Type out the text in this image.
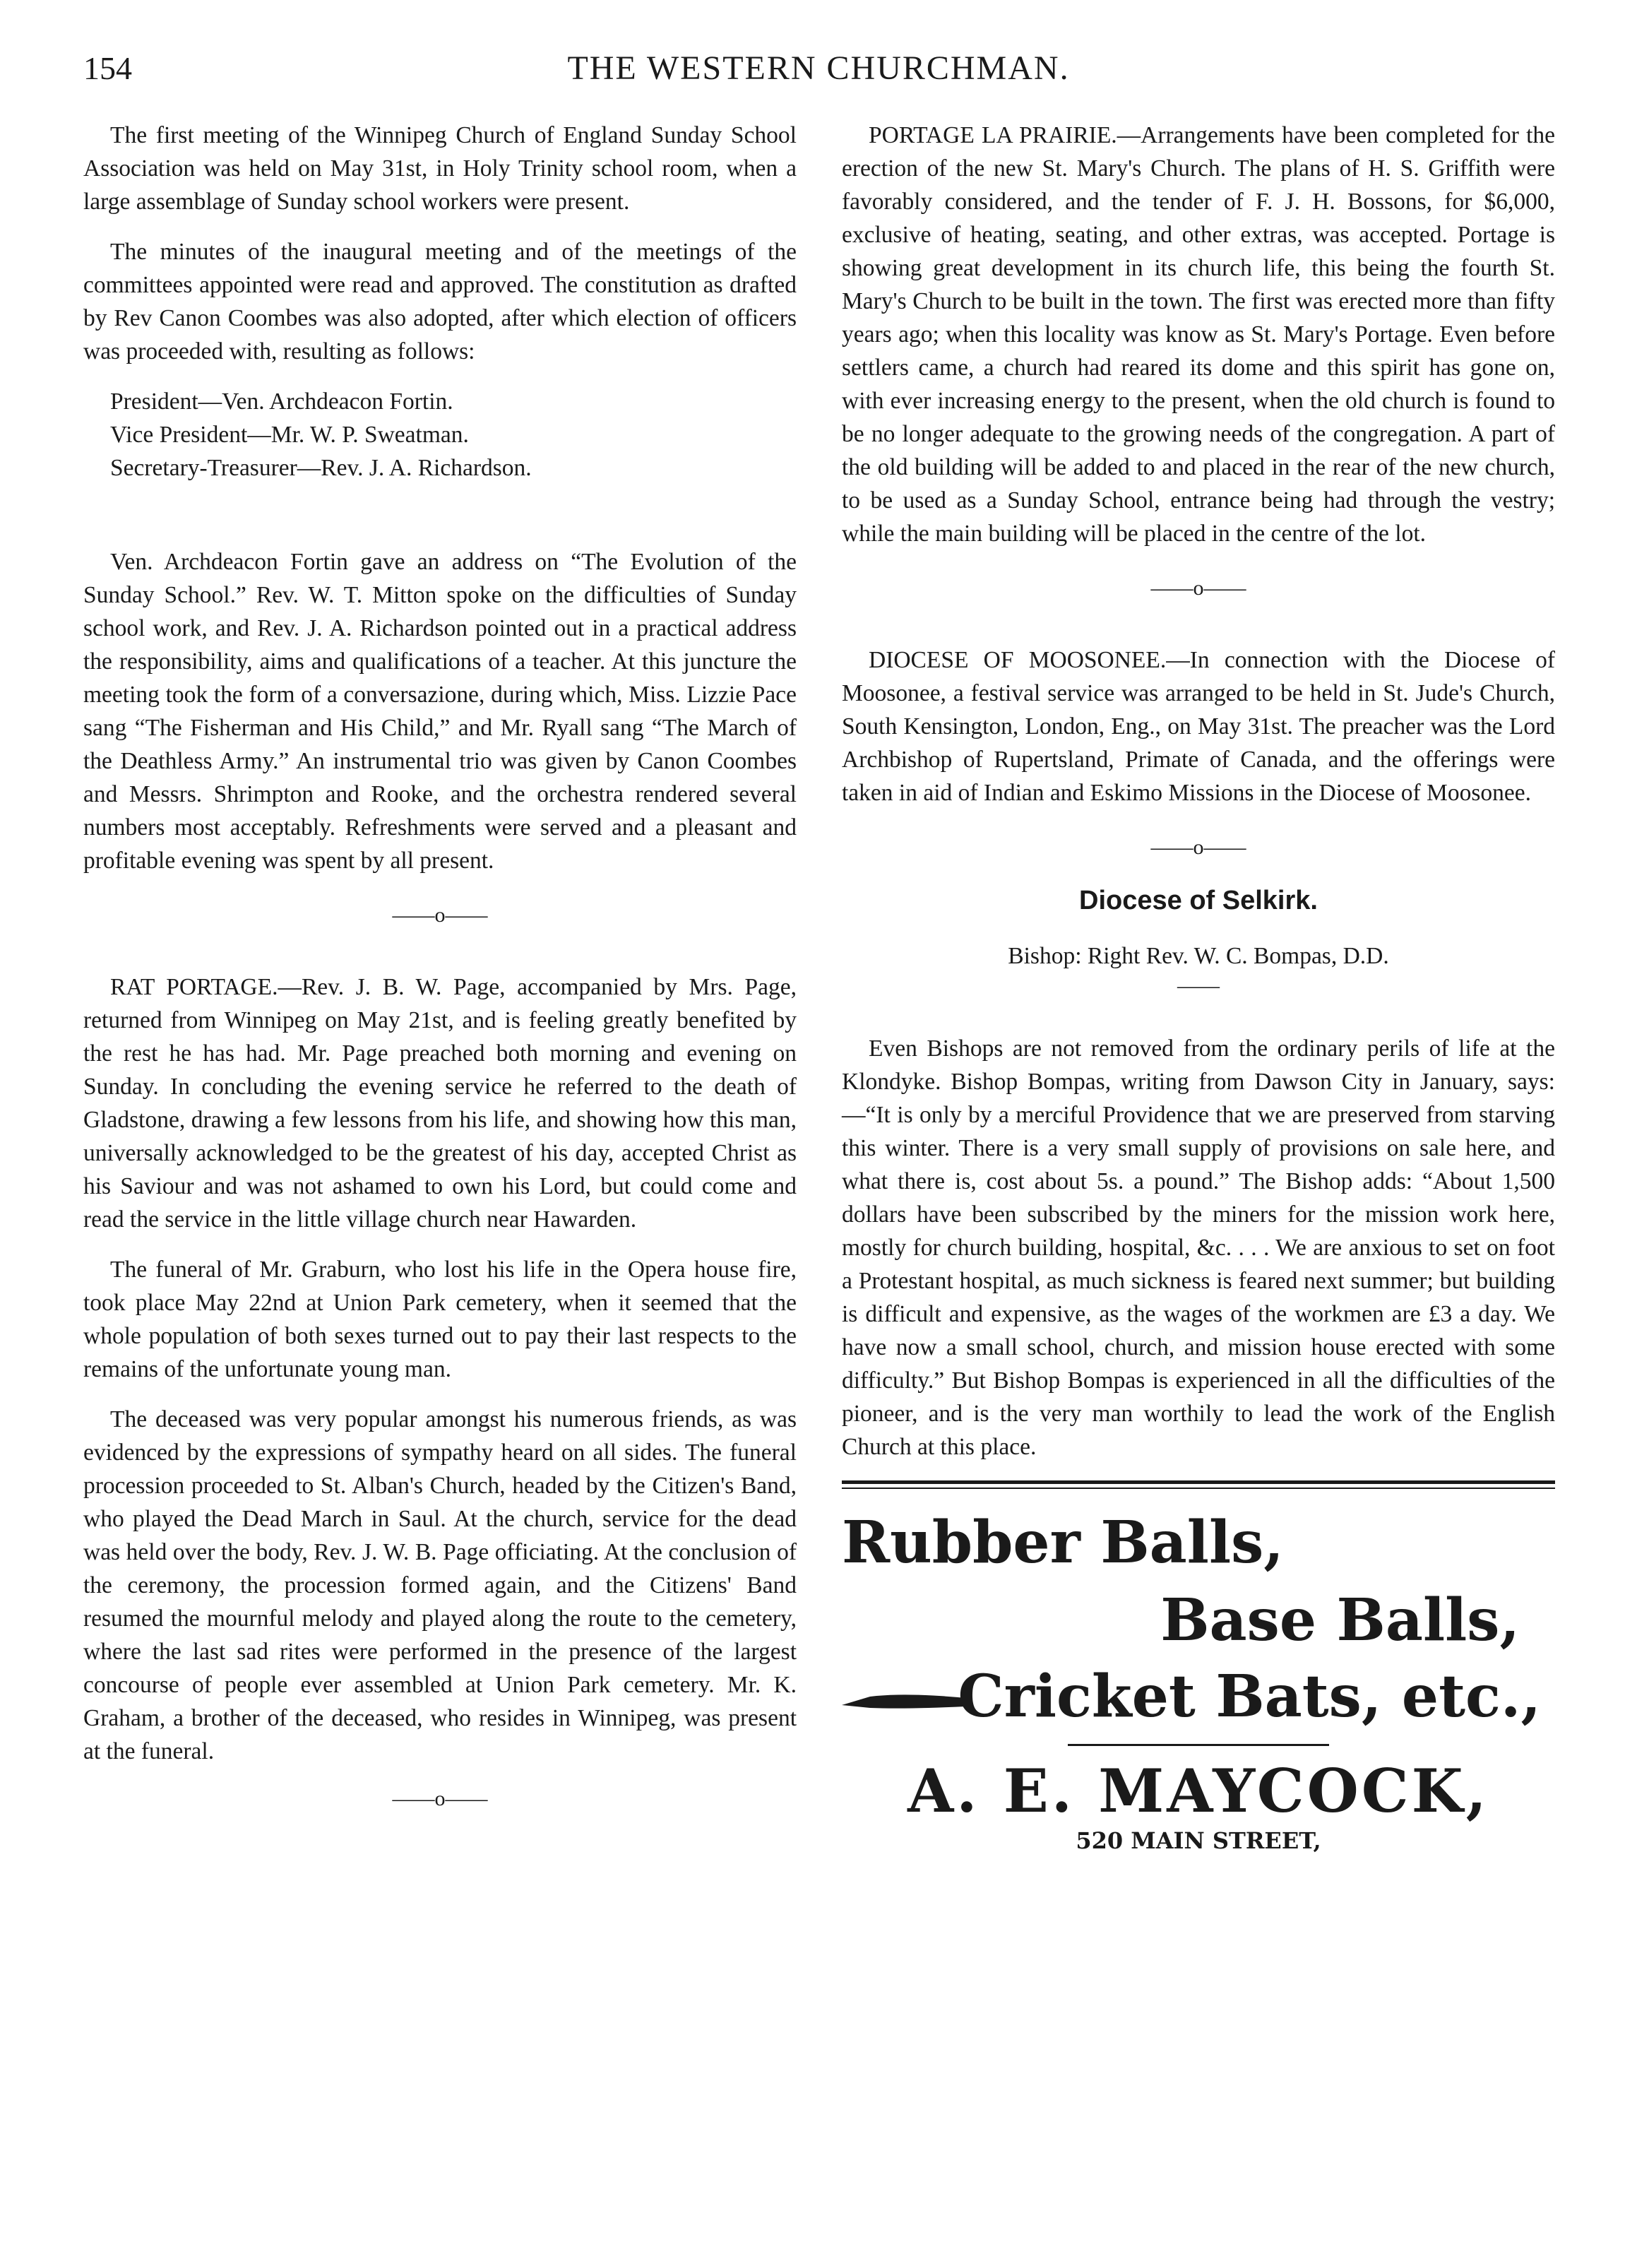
154	THE WESTERN CHURCHMAN.

The first meeting of the Winnipeg Church of England Sunday School Association was held on May 31st, in Holy Trinity school room, when a large assemblage of Sunday school workers were present.

The minutes of the inaugural meeting and of the meetings of the committees appointed were read and approved. The constitution as drafted by Rev Canon Coombes was also adopted, after which election of officers was proceeded with, resulting as follows:

President—Ven. Archdeacon Fortin.
Vice President—Mr. W. P. Sweatman.
Secretary-Treasurer—Rev. J. A. Richardson.

Ven. Archdeacon Fortin gave an address on “The Evolution of the Sunday School.” Rev. W. T. Mitton spoke on the difficulties of Sunday school work, and Rev. J. A. Richardson pointed out in a practical address the responsibility, aims and qualifications of a teacher. At this juncture the meeting took the form of a conversazione, during which, Miss. Lizzie Pace sang “The Fisherman and His Child,” and Mr. Ryall sang “The March of the Deathless Army.” An instrumental trio was given by Canon Coombes and Messrs. Shrimpton and Rooke, and the orchestra rendered several numbers most acceptably. Refreshments were served and a pleasant and profitable evening was spent by all present.

——o——

RAT PORTAGE.—Rev. J. B. W. Page, accompanied by Mrs. Page, returned from Winnipeg on May 21st, and is feeling greatly benefited by the rest he has had. Mr. Page preached both morning and evening on Sunday. In concluding the evening service he referred to the death of Gladstone, drawing a few lessons from his life, and showing how this man, universally acknowledged to be the greatest of his day, accepted Christ as his Saviour and was not ashamed to own his Lord, but could come and read the service in the little village church near Hawarden.

The funeral of Mr. Graburn, who lost his life in the Opera house fire, took place May 22nd at Union Park cemetery, when it seemed that the whole population of both sexes turned out to pay their last respects to the remains of the unfortunate young man.

The deceased was very popular amongst his numerous friends, as was evidenced by the expressions of sympathy heard on all sides. The funeral procession proceeded to St. Alban's Church, headed by the Citizen's Band, who played the Dead March in Saul. At the church, service for the dead was held over the body, Rev. J. W. B. Page officiating. At the conclusion of the ceremony, the procession formed again, and the Citizens' Band resumed the mournful melody and played along the route to the cemetery, where the last sad rites were performed in the presence of the largest concourse of people ever assembled at Union Park cemetery. Mr. K. Graham, a brother of the deceased, who resides in Winnipeg, was present at the funeral.

——o——

PORTAGE LA PRAIRIE.—Arrangements have been completed for the erection of the new St. Mary's Church. The plans of H. S. Griffith were favorably considered, and the tender of F. J. H. Bossons, for $6,000, exclusive of heating, seating, and other extras, was accepted. Portage is showing great development in its church life, this being the fourth St. Mary's Church to be built in the town. The first was erected more than fifty years ago; when this locality was know as St. Mary's Portage. Even before settlers came, a church had reared its dome and this spirit has gone on, with ever increasing energy to the present, when the old church is found to be no longer adequate to the growing needs of the congregation. A part of the old building will be added to and placed in the rear of the new church, to be used as a Sunday School, entrance being had through the vestry; while the main building will be placed in the centre of the lot.

——o——

DIOCESE OF MOOSONEE.—In connection with the Diocese of Moosonee, a festival service was arranged to be held in St. Jude's Church, South Kensington, London, Eng., on May 31st. The preacher was the Lord Archbishop of Rupertsland, Primate of Canada, and the offerings were taken in aid of Indian and Eskimo Missions in the Diocese of Moosonee.

——o——
Diocese of Selkirk.

Bishop: Right Rev. W. C. Bompas, D.D.

——

Even Bishops are not removed from the ordinary perils of life at the Klondyke. Bishop Bompas, writing from Dawson City in January, says:—“It is only by a merciful Providence that we are preserved from starving this winter. There is a very small supply of provisions on sale here, and what there is, cost about 5s. a pound.” The Bishop adds: “About 1,500 dollars have been subscribed by the miners for the mission work here, mostly for church building, hospital, &c. . . . We are anxious to set on foot a Protestant hospital, as much sickness is feared next summer; but building is difficult and expensive, as the wages of the workmen are £3 a day. We have now a small school, church, and mission house erected with some difficulty.” But Bishop Bompas is experienced in all the difficulties of the pioneer, and is the very man worthily to lead the work of the English Church at this place.

Rubber Balls,
Base Balls,
Cricket Bats, etc.,
A. E. MAYCOCK,
520 MAIN STREET,
